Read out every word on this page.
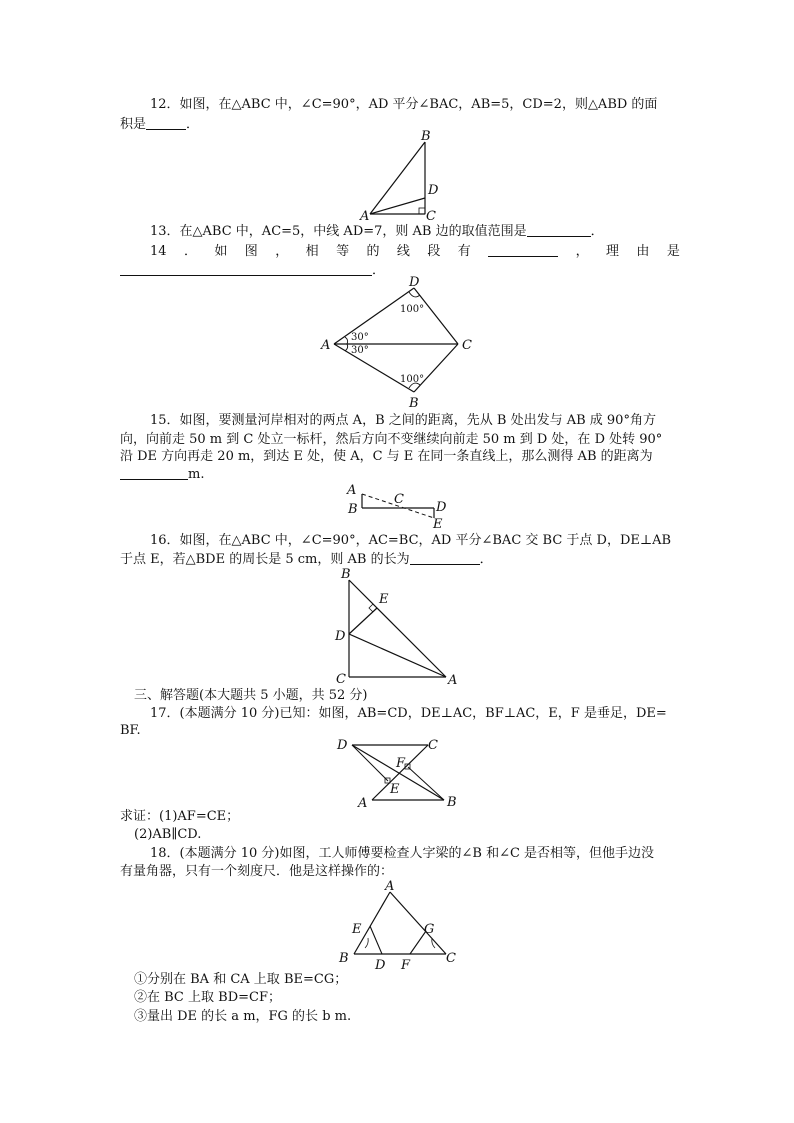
12．如图，在△ABC 中，∠C=90°，AD 平分∠BAC，AB=5，CD=2，则△ABD 的面
积是	．
B
D
A	C
13．在△ABC 中，AC=5，中线 AD=7，则 AB 边的取值范围是	．
14 ． 如 图 ， 相 等 的 线 段 有	， 理 由 是
．
D
A	C
B
100°
100°
30°
30°
15．如图，要测量河岸相对的两点 A，B 之间的距离，先从 B 处出发与 AB 成 90°角方
向，向前走 50 m 到 C 处立一标杆，然后方向不变继续向前走 50 m 到 D 处，在 D 处转 90°
沿 DE 方向再走 20 m，到达 E 处，使 A，C 与 E 在同一条直线上，那么测得 AB 的距离为
m.
A
B
C
D
E
16．如图，在△ABC 中，∠C=90°，AC=BC，AD 平分∠BAC 交 BC 于点 D，DE⊥AB
于点 E，若△BDE 的周长是 5 cm，则 AB 的长为	．
B
E
D
C	A
三、解答题(本大题共 5 小题，共 52 分)
17．(本题满分 10 分)已知：如图，AB=CD，DE⊥AC，BF⊥AC，E，F 是垂足，DE=
BF.
D	C
F
E
A	B
求证：(1)AF=CE；
(2)AB∥CD.
18．(本题满分 10 分)如图，工人师傅要检查人字梁的∠B 和∠C 是否相等，但他手边没
有量角器，只有一个刻度尺．他是这样操作的：
A
E	G
B	C
D F
①分别在 BA 和 CA 上取 BE=CG；
②在 BC 上取 BD=CF；
③量出 DE 的长 a m，FG 的长 b m.
